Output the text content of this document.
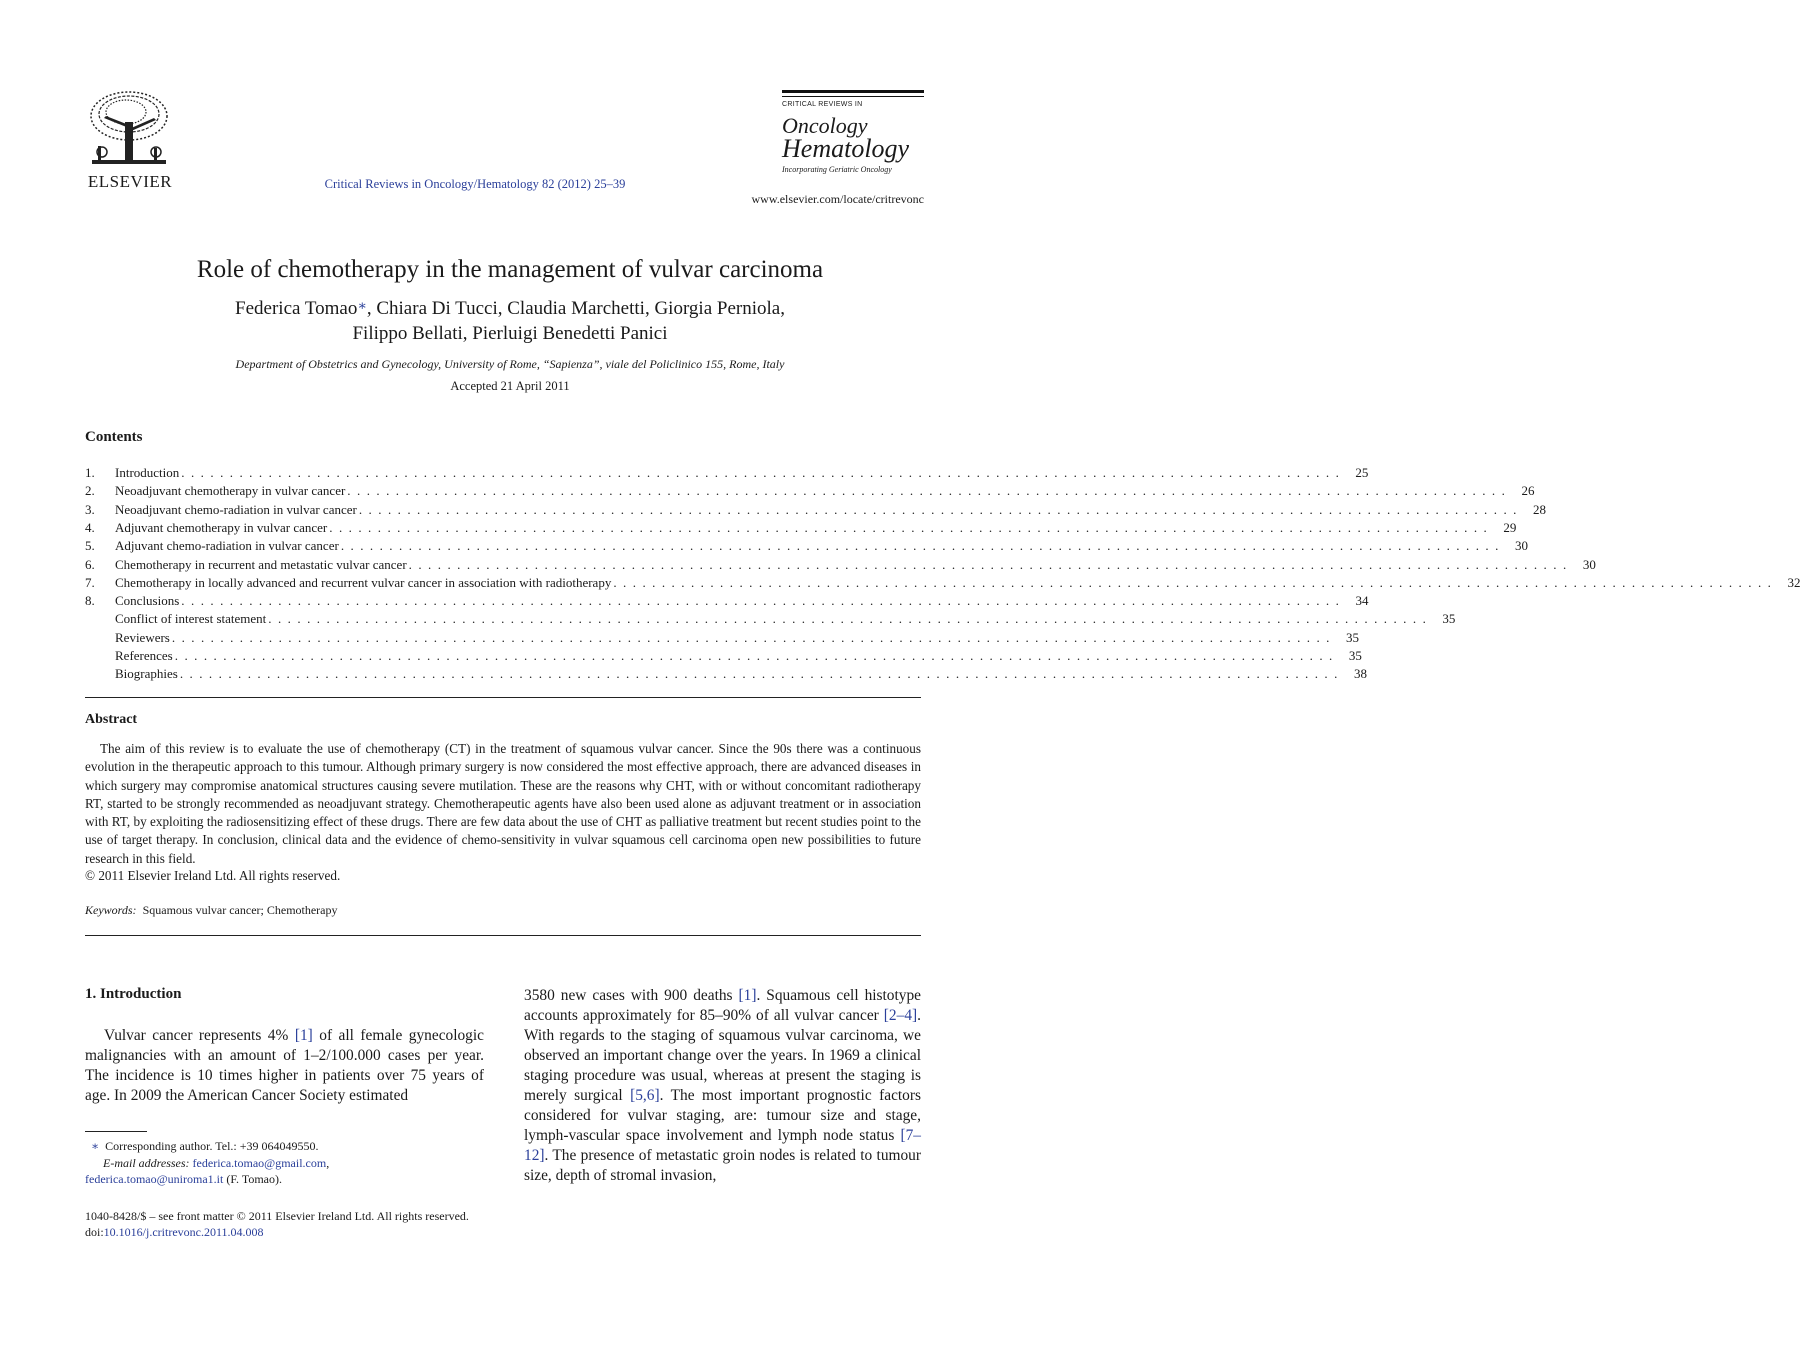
ELSEVIER	Critical Reviews in Oncology/Hematology 82 (2012) 25–39
CRITICAL REVIEWS IN
Oncology
Hematology
Incorporating Geriatric Oncology
www.elsevier.com/locate/critrevonc
Role of chemotherapy in the management of vulvar carcinoma
Federica Tomao∗, Chiara Di Tucci, Claudia Marchetti, Giorgia Perniola,
Filippo Bellati, Pierluigi Benedetti Panici
Department of Obstetrics and Gynecology, University of Rome, “Sapienza”, viale del Policlinico 155, Rome, Italy
Accepted 21 April 2011
Contents
1.	Introduction . . . . . . . . . . . . . . . . . . . . . . . . . . . . . . . . . . . . . . . . . . . . . . . . . . . . . . . . . . . . . . . . . . . . . . . . . . . . . . . . . . . . . . . . . . . . . . . . . . . . . . . . . . . . . . . . . . . . . . . .	25
2.	Neoadjuvant chemotherapy in vulvar cancer . . . . . . . . . . . . . . . . . . . . . . . . . . . . . . . . . . . . . . . . . . . . . . . . . . . . . . . . . . . . . . . . . . . . . . . . . . . . . . . . . . . . . . . . . . . . . . . . . . . . . . . . . . . . . . . . . . . . . . . .	26
3.	Neoadjuvant chemo-radiation in vulvar cancer . . . . . . . . . . . . . . . . . . . . . . . . . . . . . . . . . . . . . . . . . . . . . . . . . . . . . . . . . . . . . . . . . . . . . . . . . . . . . . . . . . . . . . . . . . . . . . . . . . . . . . . . . . . . . . . . . . . . . . . .	28
4.	Adjuvant chemotherapy in vulvar cancer . . . . . . . . . . . . . . . . . . . . . . . . . . . . . . . . . . . . . . . . . . . . . . . . . . . . . . . . . . . . . . . . . . . . . . . . . . . . . . . . . . . . . . . . . . . . . . . . . . . . . . . . . . . . . . . . . . . . . . . .	29
5.	Adjuvant chemo-radiation in vulvar cancer . . . . . . . . . . . . . . . . . . . . . . . . . . . . . . . . . . . . . . . . . . . . . . . . . . . . . . . . . . . . . . . . . . . . . . . . . . . . . . . . . . . . . . . . . . . . . . . . . . . . . . . . . . . . . . . . . . . . . . . .	30
6.	Chemotherapy in recurrent and metastatic vulvar cancer . . . . . . . . . . . . . . . . . . . . . . . . . . . . . . . . . . . . . . . . . . . . . . . . . . . . . . . . . . . . . . . . . . . . . . . . . . . . . . . . . . . . . . . . . . . . . . . . . . . . . . . . . . . . . . . . . . . . . . . .	30
7.	Chemotherapy in locally advanced and recurrent vulvar cancer in association with radiotherapy . . . . . . . . . . . . . . . . . . . . . . . . . . . . . . . . . . . . . . . . . . . . . . . . . . . . . . . . . . . . . . . . . . . . . . . . . . . . . . . . . . . . . . . . . . . . . . . . . . . . . . . . . . . . . . . . . . . . . . . .	32
8.	Conclusions . . . . . . . . . . . . . . . . . . . . . . . . . . . . . . . . . . . . . . . . . . . . . . . . . . . . . . . . . . . . . . . . . . . . . . . . . . . . . . . . . . . . . . . . . . . . . . . . . . . . . . . . . . . . . . . . . . . . . . . .	34
Conflict of interest statement . . . . . . . . . . . . . . . . . . . . . . . . . . . . . . . . . . . . . . . . . . . . . . . . . . . . . . . . . . . . . . . . . . . . . . . . . . . . . . . . . . . . . . . . . . . . . . . . . . . . . . . . . . . . . . . . . . . . . . . .	35
Reviewers . . . . . . . . . . . . . . . . . . . . . . . . . . . . . . . . . . . . . . . . . . . . . . . . . . . . . . . . . . . . . . . . . . . . . . . . . . . . . . . . . . . . . . . . . . . . . . . . . . . . . . . . . . . . . . . . . . . . . . . .	35
References . . . . . . . . . . . . . . . . . . . . . . . . . . . . . . . . . . . . . . . . . . . . . . . . . . . . . . . . . . . . . . . . . . . . . . . . . . . . . . . . . . . . . . . . . . . . . . . . . . . . . . . . . . . . . . . . . . . . . . . .	35
Biographies . . . . . . . . . . . . . . . . . . . . . . . . . . . . . . . . . . . . . . . . . . . . . . . . . . . . . . . . . . . . . . . . . . . . . . . . . . . . . . . . . . . . . . . . . . . . . . . . . . . . . . . . . . . . . . . . . . . . . . . .	38
Abstract
The aim of this review is to evaluate the use of chemotherapy (CT) in the treatment of squamous vulvar cancer. Since the 90s there was a continuous evolution in the therapeutic approach to this tumour. Although primary surgery is now considered the most effective approach, there are advanced diseases in which surgery may compromise anatomical structures causing severe mutilation. These are the reasons why CHT, with or without concomitant radiotherapy RT, started to be strongly recommended as neoadjuvant strategy. Chemotherapeutic agents have also been used alone as adjuvant treatment or in association with RT, by exploiting the radiosensitizing effect of these drugs. There are few data about the use of CHT as palliative treatment but recent studies point to the use of target therapy. In conclusion, clinical data and the evidence of chemo-sensitivity in vulvar squamous cell carcinoma open new possibilities to future research in this field.
© 2011 Elsevier Ireland Ltd. All rights reserved.
Keywords: Squamous vulvar cancer; Chemotherapy
1. Introduction
Vulvar cancer represents 4% [1] of all female gynecologic malignancies with an amount of 1–2/100.000 cases per year. The incidence is 10 times higher in patients over 75 years of age. In 2009 the American Cancer Society estimated
3580 new cases with 900 deaths [1]. Squamous cell histotype accounts approximately for 85–90% of all vulvar cancer [2–4]. With regards to the staging of squamous vulvar carcinoma, we observed an important change over the years. In 1969 a clinical staging procedure was usual, whereas at present the staging is merely surgical [5,6]. The most important prognostic factors considered for vulvar staging, are: tumour size and stage, lymph-vascular space involvement and lymph node status [7–12]. The presence of metastatic groin nodes is related to tumour size, depth of stromal invasion,
∗ Corresponding author. Tel.: +39 064049550.
E-mail addresses: federica.tomao@gmail.com,
federica.tomao@uniroma1.it (F. Tomao).
1040-8428/$ – see front matter © 2011 Elsevier Ireland Ltd. All rights reserved.
doi:10.1016/j.critrevonc.2011.04.008
